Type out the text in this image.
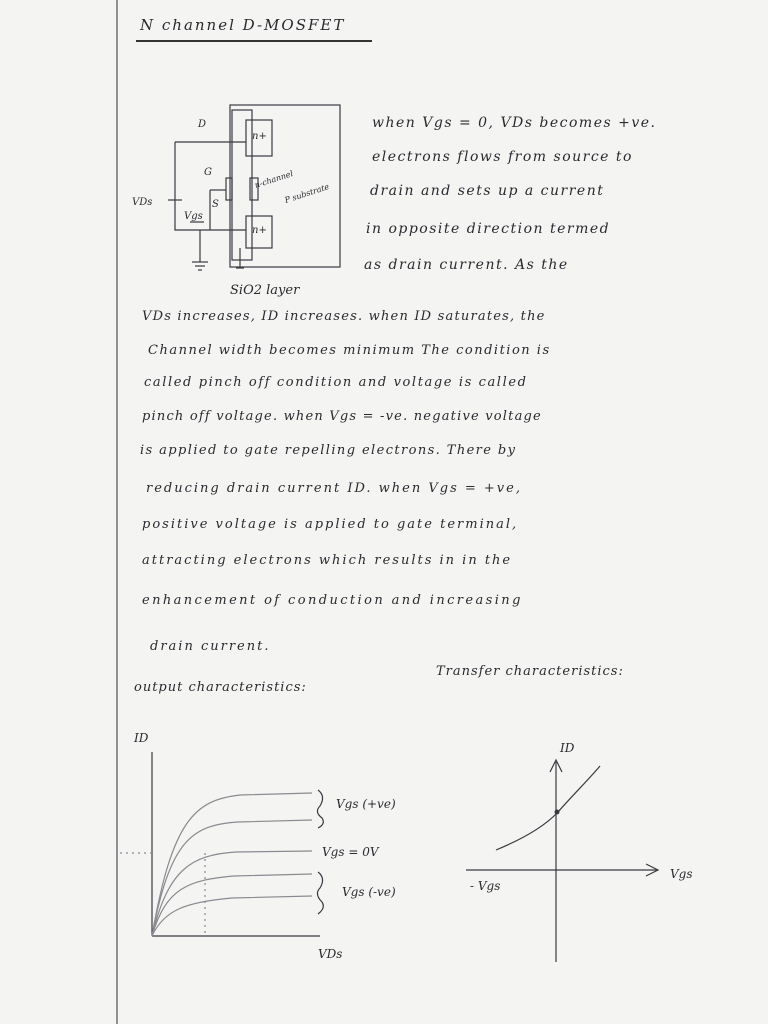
N channel D-MOSFET
D
G
S
VDs
Vgs
n+
n+
n-channel
P substrate
SiO2 layer
when Vgs = 0, VDs becomes +ve.
electrons flows from source to
drain and sets up a current
in opposite direction termed
as drain current. As the
VDs increases, ID increases. when ID saturates, the
Channel width becomes minimum The condition is
called pinch off condition and voltage is called
pinch off voltage. when Vgs = -ve. negative voltage
is applied to gate repelling electrons. There by
reducing drain current ID. when Vgs = +ve,
positive voltage is applied to gate terminal,
attracting electrons which results in in the
enhancement of conduction and increasing
drain current.
output characteristics:
Transfer characteristics:
ID
VDs
Vgs (+ve)
Vgs = 0V
Vgs (-ve)
ID
Vgs
- Vgs
